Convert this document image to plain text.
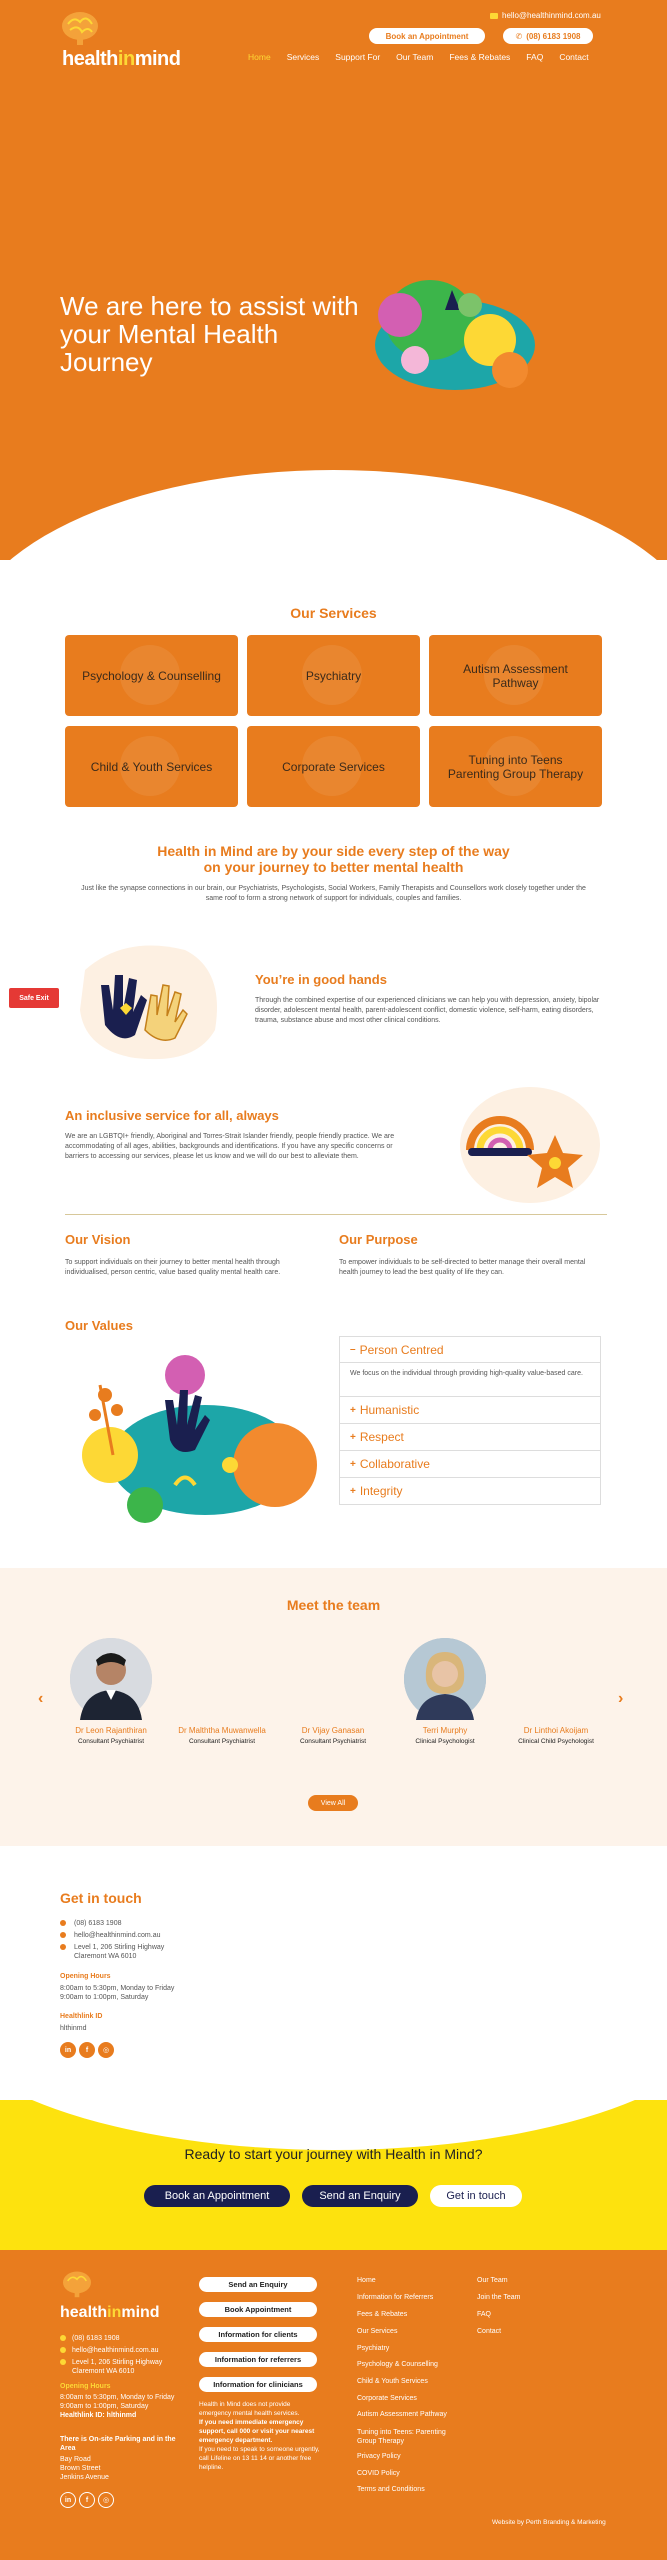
healthinmind
hello@healthinmind.com.au
Book an Appointment	✆ (08) 6183 1908
Home Services Support For Our Team Fees & Rebates FAQ Contact
We are here to assist with your Mental Health Journey
Our Services
Psychology & Counselling	Psychiatry	Autism Assessment Pathway
Child & Youth Services	Corporate Services	Tuning into Teens Parenting Group Therapy
Health in Mind are by your side every step of the way
on your journey to better mental health
Just like the synapse connections in our brain, our Psychiatrists, Psychologists, Social Workers, Family Therapists and Counsellors work closely together under the same roof to form a strong network of support for individuals, couples and families.
Safe Exit
You’re in good hands
Through the combined expertise of our experienced clinicians we can help you with depression, anxiety, bipolar disorder, adolescent mental health, parent-adolescent conflict, domestic violence, self-harm, eating disorders, trauma, substance abuse and most other clinical conditions.
An inclusive service for all, always
We are an LGBTQI+ friendly, Aboriginal and Torres-Strait Islander friendly, people friendly practice. We are accommodating of all ages, abilities, backgrounds and identifications. If you have any specific concerns or barriers to accessing our services, please let us know and we will do our best to alleviate them.
Our Vision
To support individuals on their journey to better mental health through individualised, person centric, value based quality mental health care.
Our Purpose
To empower individuals to be self-directed to better manage their overall mental health journey to lead the best quality of life they can.
Our Values
– Person Centred
We focus on the individual through providing high-quality value-based care.
+ Humanistic
+ Respect
+ Collaborative
+ Integrity
Meet the team
‹	›
Dr Leon Rajanthiran
Consultant Psychiatrist
Dr Malththa Muwanwella
Consultant Psychiatrist
Dr Vijay Ganasan
Consultant Psychiatrist
Terri Murphy
Clinical Psychologist
Dr Linthoi Akoijam
Clinical Child Psychologist
View All
Get in touch
(08) 6183 1908
hello@healthinmind.com.au
Level 1, 206 Stirling Highway
Claremont WA 6010
Opening Hours
8:00am to 5:30pm, Monday to Friday
9:00am to 1:00pm, Saturday
Healthlink ID
hlthinmd
in	f	◎
Ready to start your journey with Health in Mind?
Book an Appointment	Send an Enquiry	Get in touch
healthinmind
(08) 6183 1908
hello@healthinmind.com.au
Level 1, 206 Stirling Highway
Claremont WA 6010
Opening Hours
8:00am to 5:30pm, Monday to Friday
9:00am to 1:00pm, Saturday
Healthlink ID: hlthinmd
There is On-site Parking and in the Area
Bay Road
Brown Street
Jenkins Avenue
in	f	◎
Send an Enquiry
Book Appointment
Information for clients
Information for referrers
Information for clinicians
Health in Mind does not provide emergency mental health services.
If you need immediate emergency support, call 000 or visit your nearest emergency department.
If you need to speak to someone urgently, call Lifeline on 13 11 14 or another free helpline.
Home
Information for Referrers
Fees & Rebates
Our Services
Psychiatry
Psychology & Counselling
Child & Youth Services
Corporate Services
Autism Assessment Pathway
Tuning into Teens: Parenting Group Therapy
Privacy Policy
COVID Policy
Terms and Conditions
Our Team
Join the Team
FAQ
Contact
Website by Perth Branding & Marketing
